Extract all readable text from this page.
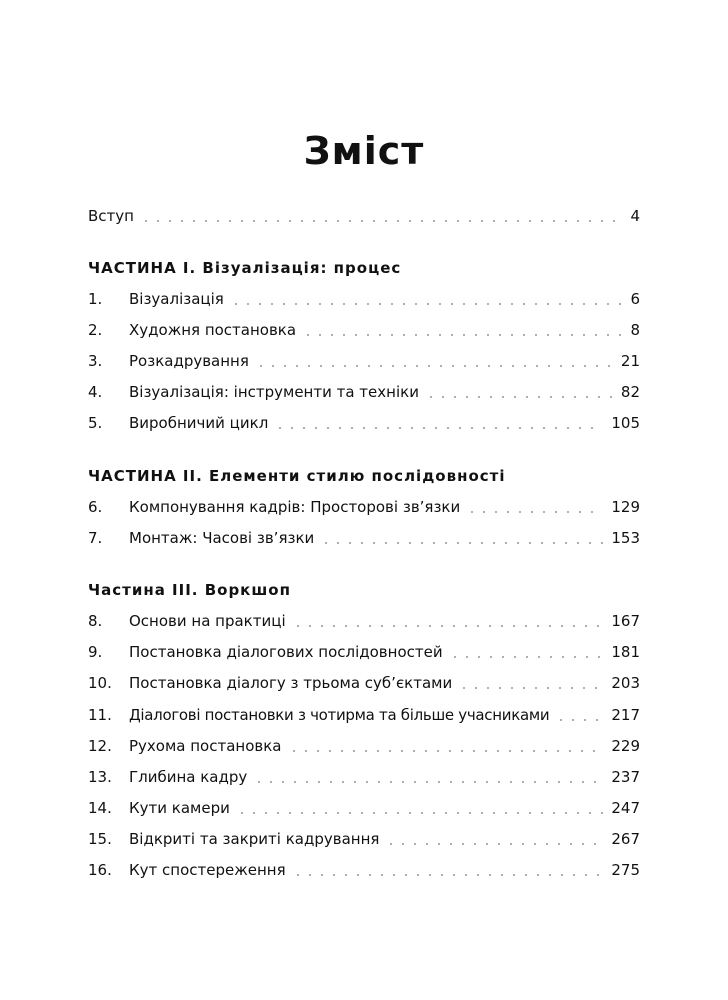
Зміст
Вступ	4
ЧАСТИНА І. Візуалізація: процес
1.	Візуалізація	6
2.	Художня постановка	8
3.	Розкадрування	21
4.	Візуалізація: інструменти та техніки	82
5.	Виробничий цикл	105
ЧАСТИНА ІІ. Елементи стилю послідовності
6.	Компонування кадрів: Просторові зв’язки	129
7.	Монтаж: Часові зв’язки	153
Частина ІІІ. Воркшоп
8.	Основи на практиці	167
9.	Постановка діалогових послідовностей	181
10.	Постановка діалогу з трьома суб’єктами	203
11.	Діалогові постановки з чотирма та більше учасниками	217
12.	Рухома постановка	229
13.	Глибина кадру	237
14.	Кути камери	247
15.	Відкриті та закриті кадрування	267
16.	Кут спостереження	275
